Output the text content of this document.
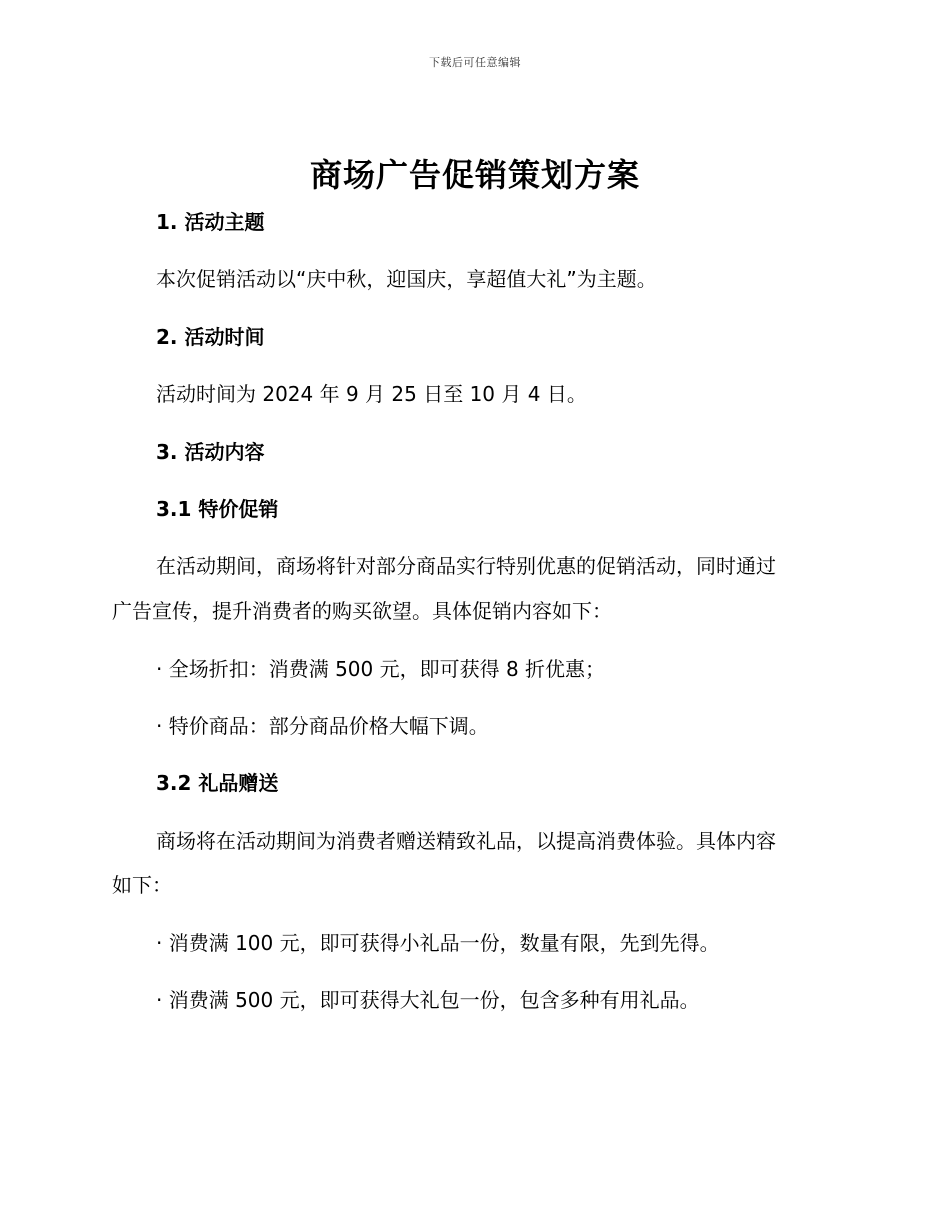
下载后可任意编辑
商场广告促销策划方案
1. 活动主题
本次促销活动以“庆中秋，迎国庆，享超值大礼”为主题。
2. 活动时间
活动时间为 2024 年 9 月 25 日至 10 月 4 日。
3. 活动内容
3.1 特价促销
在活动期间，商场将针对部分商品实行特别优惠的促销活动，同时通过
广告宣传，提升消费者的购买欲望。具体促销内容如下：
· 全场折扣：消费满 500 元，即可获得 8 折优惠；
· 特价商品：部分商品价格大幅下调。
3.2 礼品赠送
商场将在活动期间为消费者赠送精致礼品，以提高消费体验。具体内容
如下：
· 消费满 100 元，即可获得小礼品一份，数量有限，先到先得。
· 消费满 500 元，即可获得大礼包一份，包含多种有用礼品。
